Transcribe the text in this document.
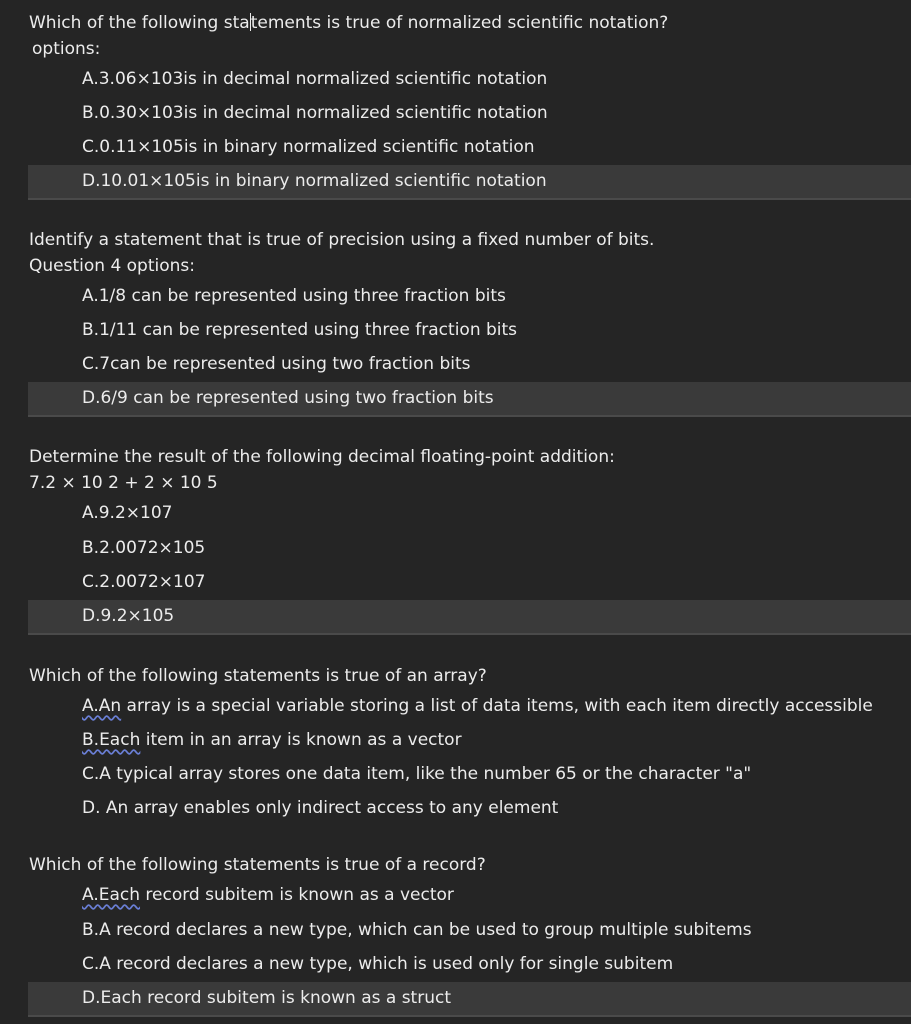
Which of the following statements is true of normalized scientific notation?
options:
A.3.06×103is in decimal normalized scientific notation
B.0.30×103is in decimal normalized scientific notation
C.0.11×105is in binary normalized scientific notation
D.10.01×105is in binary normalized scientific notation
Identify a statement that is true of precision using a fixed number of bits.
Question 4 options:
A.1/8 can be represented using three fraction bits
B.1/11 can be represented using three fraction bits
C.7can be represented using two fraction bits
D.6/9 can be represented using two fraction bits
Determine the result of the following decimal floating-point addition:
7.2 × 10 2 + 2 × 10 5
A.9.2×107
B.2.0072×105
C.2.0072×107
D.9.2×105
Which of the following statements is true of an array?
A.An array is a special variable storing a list of data items, with each item directly accessible
B.Each item in an array is known as a vector
C.A typical array stores one data item, like the number 65 or the character "a"
D. An array enables only indirect access to any element
Which of the following statements is true of a record?
A.Each record subitem is known as a vector
B.A record declares a new type, which can be used to group multiple subitems
C.A record declares a new type, which is used only for single subitem
D.Each record subitem is known as a struct
